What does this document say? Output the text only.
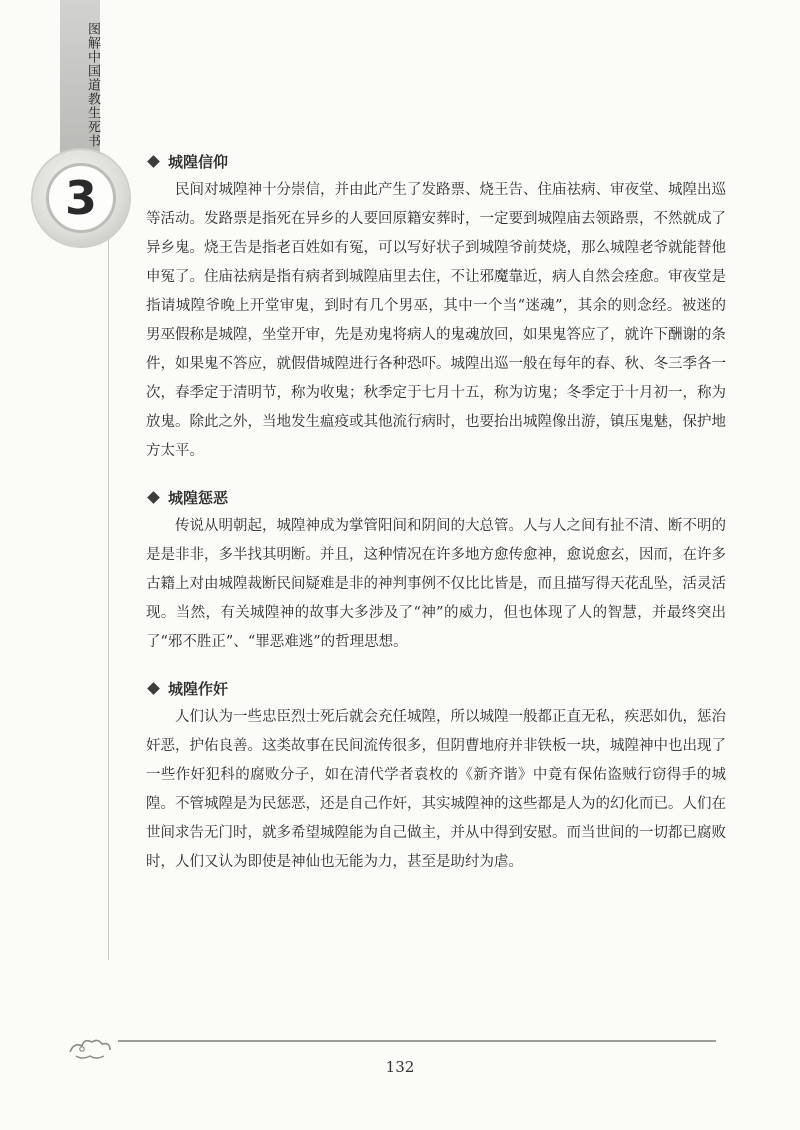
图解中国道教生死书
3
城隍信仰

民间对城隍神十分崇信，并由此产生了发路票、烧王告、住庙祛病、审夜堂、城隍出巡等活动。发路票是指死在异乡的人要回原籍安葬时，一定要到城隍庙去领路票，不然就成了异乡鬼。烧王告是指老百姓如有冤，可以写好状子到城隍爷前焚烧，那么城隍老爷就能替他申冤了。住庙祛病是指有病者到城隍庙里去住，不让邪魔靠近，病人自然会痊愈。审夜堂是指请城隍爷晚上开堂审鬼，到时有几个男巫，其中一个当“迷魂”，其余的则念经。被迷的男巫假称是城隍，坐堂开审，先是劝鬼将病人的鬼魂放回，如果鬼答应了，就许下酬谢的条件，如果鬼不答应，就假借城隍进行各种恐吓。城隍出巡一般在每年的春、秋、冬三季各一次，春季定于清明节，称为收鬼；秋季定于七月十五，称为访鬼；冬季定于十月初一，称为放鬼。除此之外，当地发生瘟疫或其他流行病时，也要抬出城隍像出游，镇压鬼魅，保护地方太平。

城隍惩恶

传说从明朝起，城隍神成为掌管阳间和阴间的大总管。人与人之间有扯不清、断不明的是是非非，多半找其明断。并且，这种情况在许多地方愈传愈神，愈说愈玄，因而，在许多古籍上对由城隍裁断民间疑难是非的神判事例不仅比比皆是，而且描写得天花乱坠，活灵活现。当然，有关城隍神的故事大多涉及了“神”的威力，但也体现了人的智慧，并最终突出了“邪不胜正”、“罪恶难逃”的哲理思想。

城隍作奸

人们认为一些忠臣烈士死后就会充任城隍，所以城隍一般都正直无私，疾恶如仇，惩治奸恶，护佑良善。这类故事在民间流传很多，但阴曹地府并非铁板一块，城隍神中也出现了一些作奸犯科的腐败分子，如在清代学者袁枚的《新齐谐》中竟有保佑盗贼行窃得手的城隍。不管城隍是为民惩恶，还是自己作奸，其实城隍神的这些都是人为的幻化而已。人们在世间求告无门时，就多希望城隍能为自己做主，并从中得到安慰。而当世间的一切都已腐败时，人们又认为即使是神仙也无能为力，甚至是助纣为虐。

132
